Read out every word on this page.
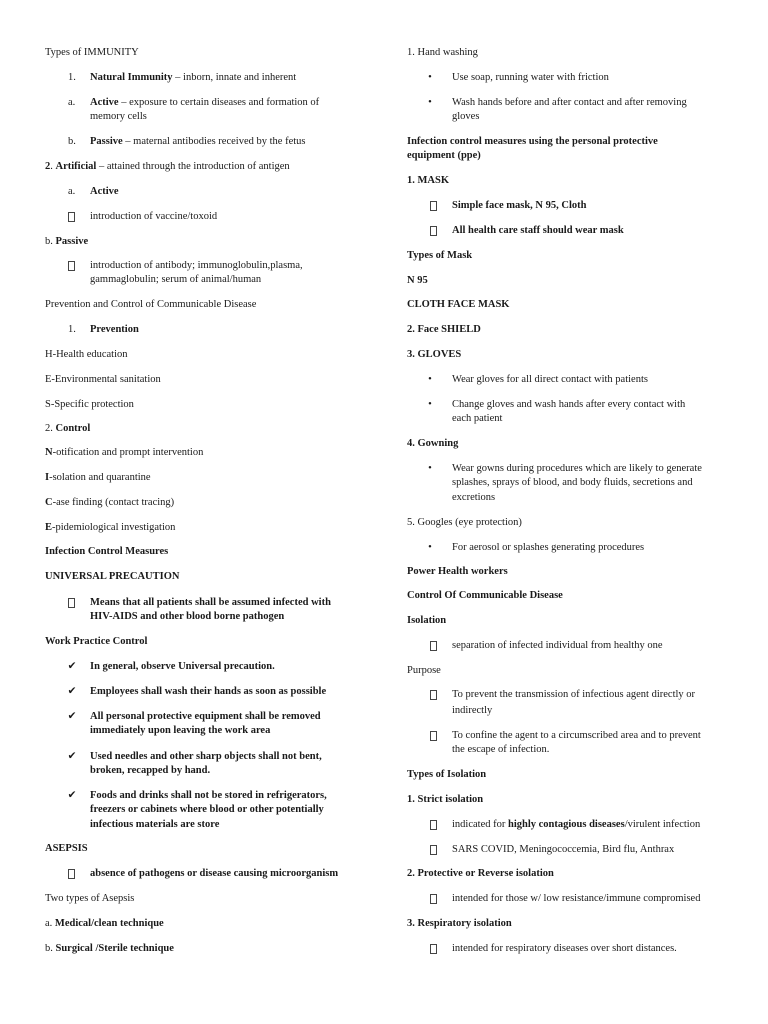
Types of IMMUNITY
1. Natural Immunity – inborn, innate and inherent
a. Active – exposure to certain diseases and formation of
memory cells
b. Passive – maternal antibodies received by the fetus
2. Artificial – attained through the introduction of antigen
a. Active
introduction of vaccine/toxoid
b. Passive
introduction of antibody; immunoglobulin,plasma,
gammaglobulin; serum of animal/human
Prevention and Control of Communicable Disease
1. Prevention
H-Health education
E-Environmental sanitation
S-Specific protection
2. Control
N-otification and prompt intervention
I-solation and quarantine
C-ase finding (contact tracing)
E-pidemiological investigation
Infection Control Measures
UNIVERSAL PRECAUTION
Means that all patients shall be assumed infected with
HIV-AIDS and other blood borne pathogen
Work Practice Control
✔ In general, observe Universal precaution.
✔ Employees shall wash their hands as soon as possible
✔ All personal protective equipment shall be removed
immediately upon leaving the work area
✔ Used needles and other sharp objects shall not bent,
broken, recapped by hand.
✔ Foods and drinks shall not be stored in refrigerators,
freezers or cabinets where blood or other potentially
infectious materials are store
ASEPSIS
absence of pathogens or disease causing microorganism
Two types of Asepsis
a. Medical/clean technique
b. Surgical /Sterile technique
1. Hand washing
•	Use soap, running water with friction
•	Wash hands before and after contact and after removing
gloves
Infection control measures using the personal protective
equipment (ppe)
1. MASK
Simple face mask, N 95, Cloth
All health care staff should wear mask
Types of Mask
N 95
CLOTH FACE MASK
2. Face SHIELD
3. GLOVES
•	Wear gloves for all direct contact with patients
•	Change gloves and wash hands after every contact with
each patient
4. Gowning
•	Wear gowns during procedures which are likely to generate
splashes, sprays of blood, and body fluids, secretions and
excretions
5. Googles (eye protection)
•	For aerosol or splashes generating procedures
Power Health workers
Control Of Communicable Disease
Isolation
separation of infected individual from healthy one
Purpose
To prevent the transmission of infectious agent directly or
indirectly
To confine the agent to a circumscribed area and to prevent
the escape of infection.
Types of Isolation
1. Strict isolation
indicated for highly contagious diseases/virulent infection
SARS COVID, Meningococcemia, Bird flu, Anthrax
2. Protective or Reverse isolation
intended for those w/ low resistance/immune compromised
3. Respiratory isolation
intended for respiratory diseases over short distances.
